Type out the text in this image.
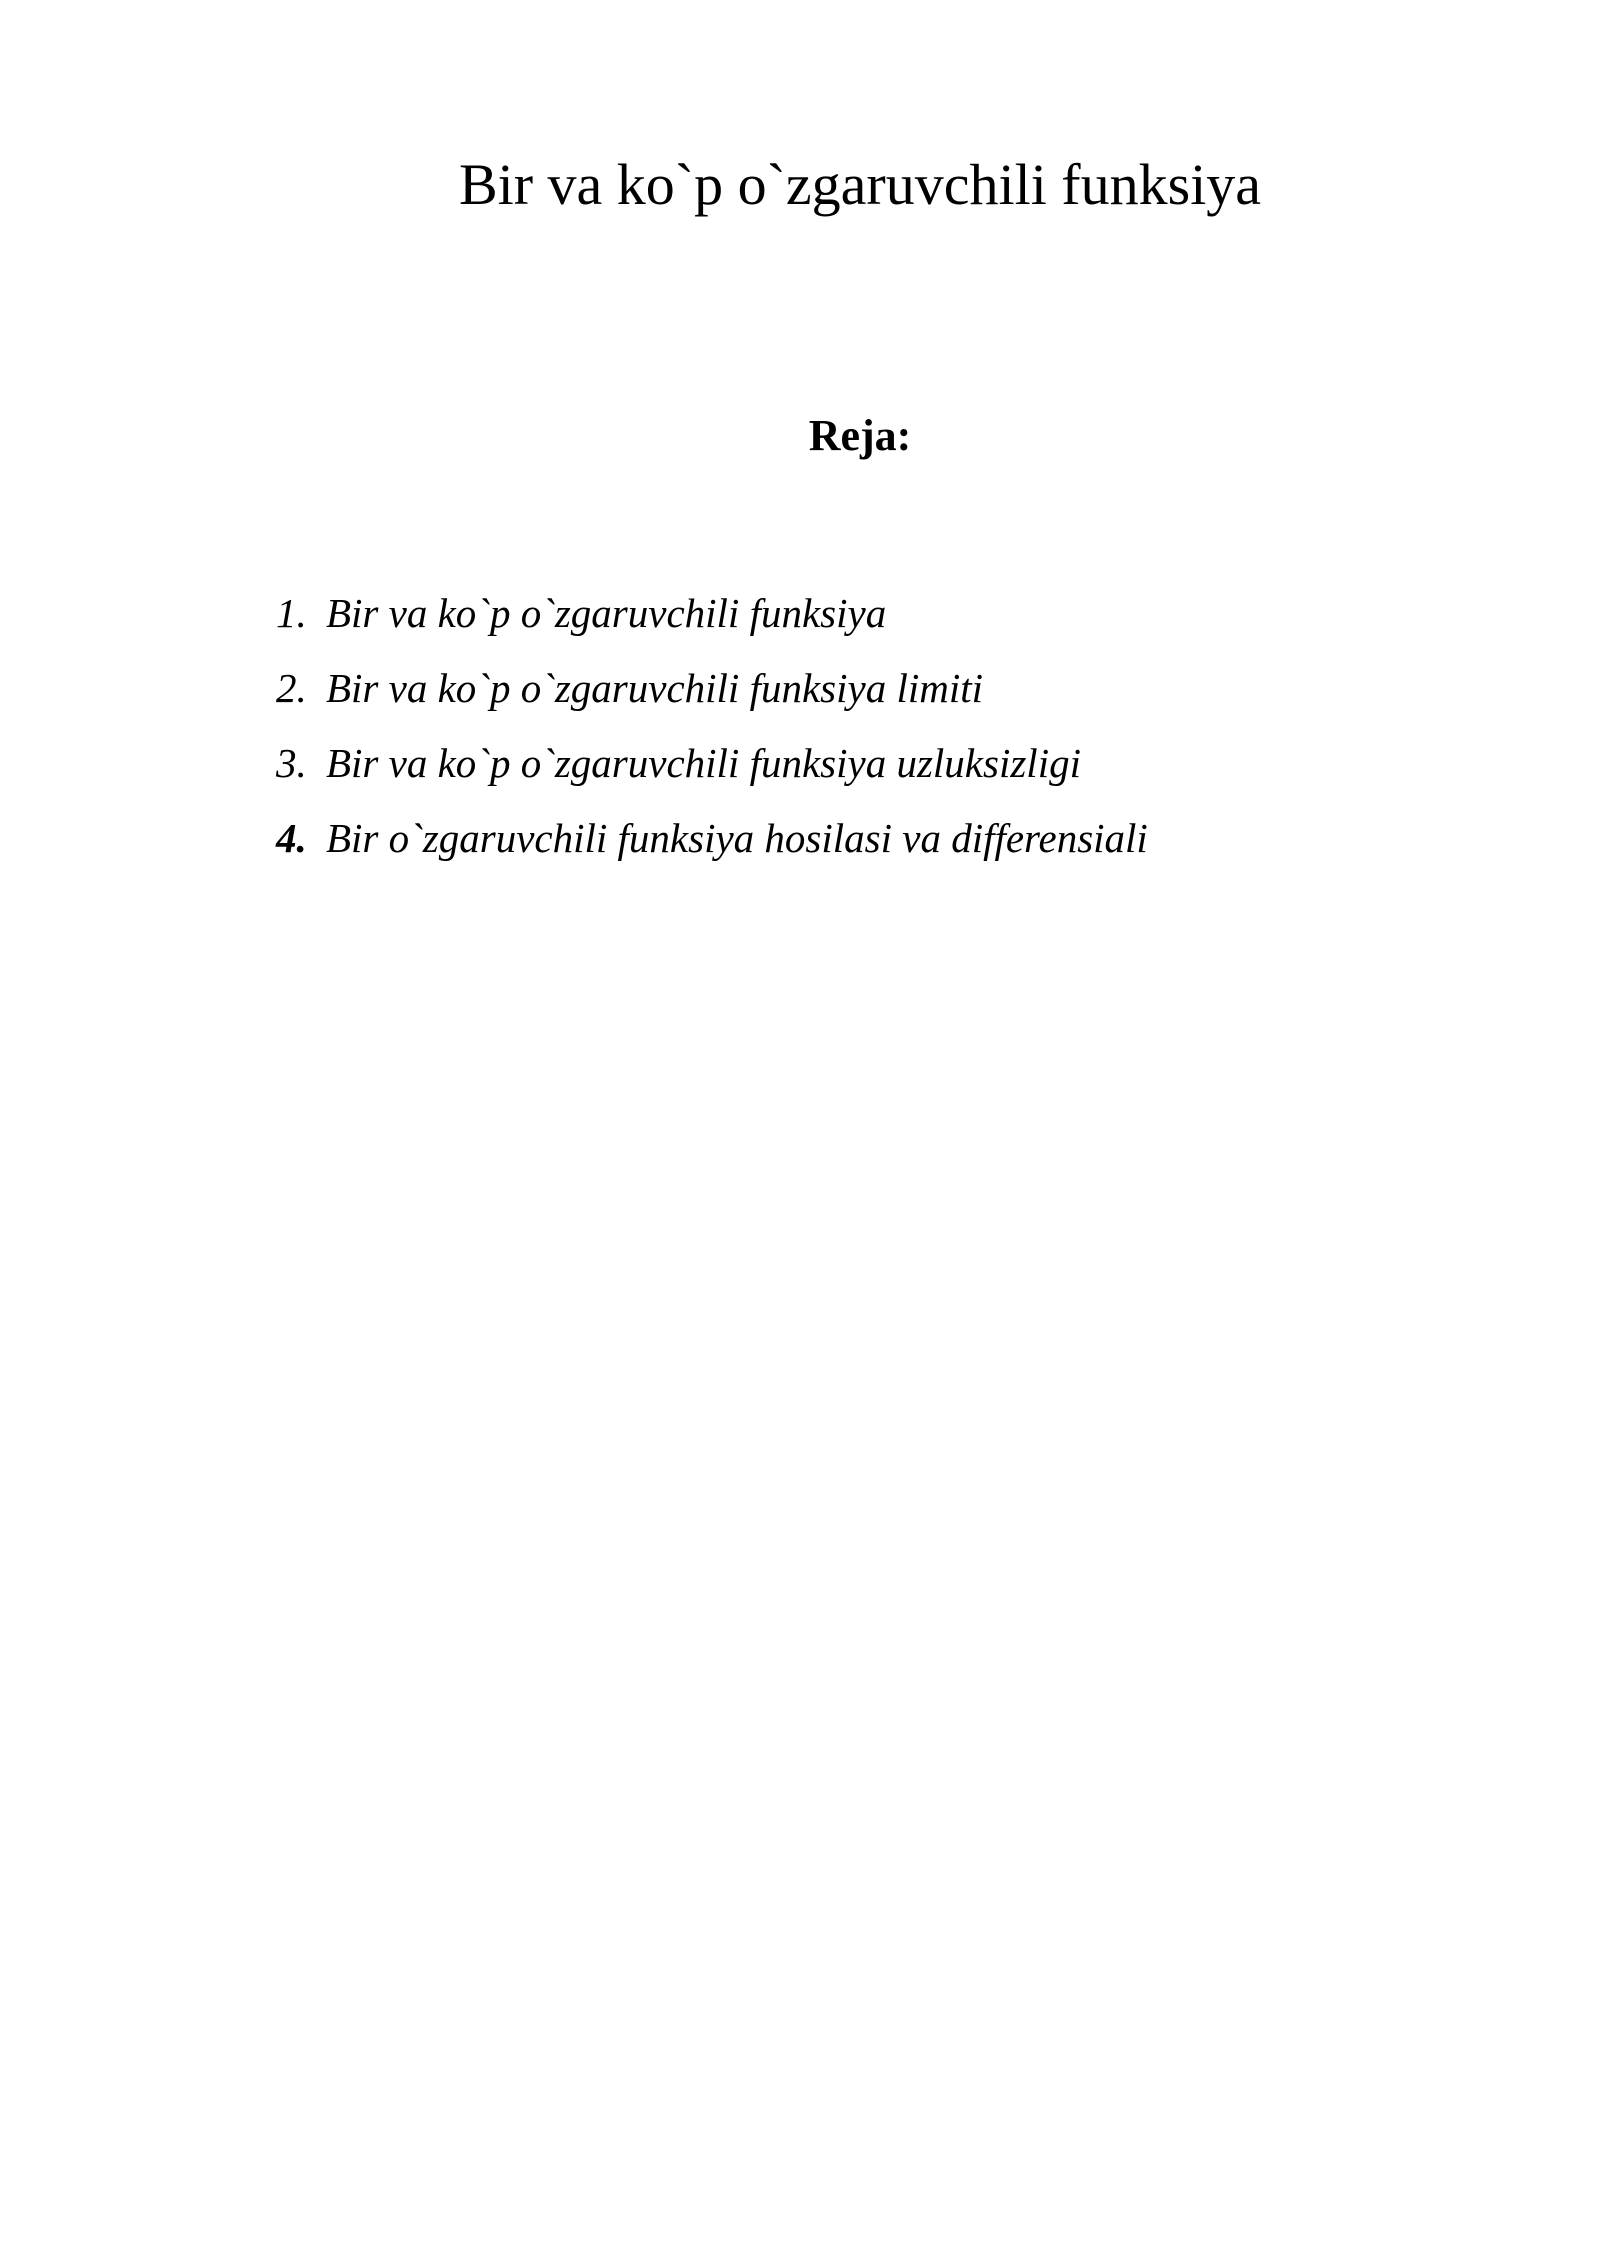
Bir va ko`p o`zgaruvchili funksiya
Reja:
1. Bir va ko`p o`zgaruvchili funksiya
2. Bir va ko`p o`zgaruvchili funksiya limiti
3. Bir va ko`p o`zgaruvchili funksiya uzluksizligi
4. Bir o`zgaruvchili funksiya hosilasi va differensiali
